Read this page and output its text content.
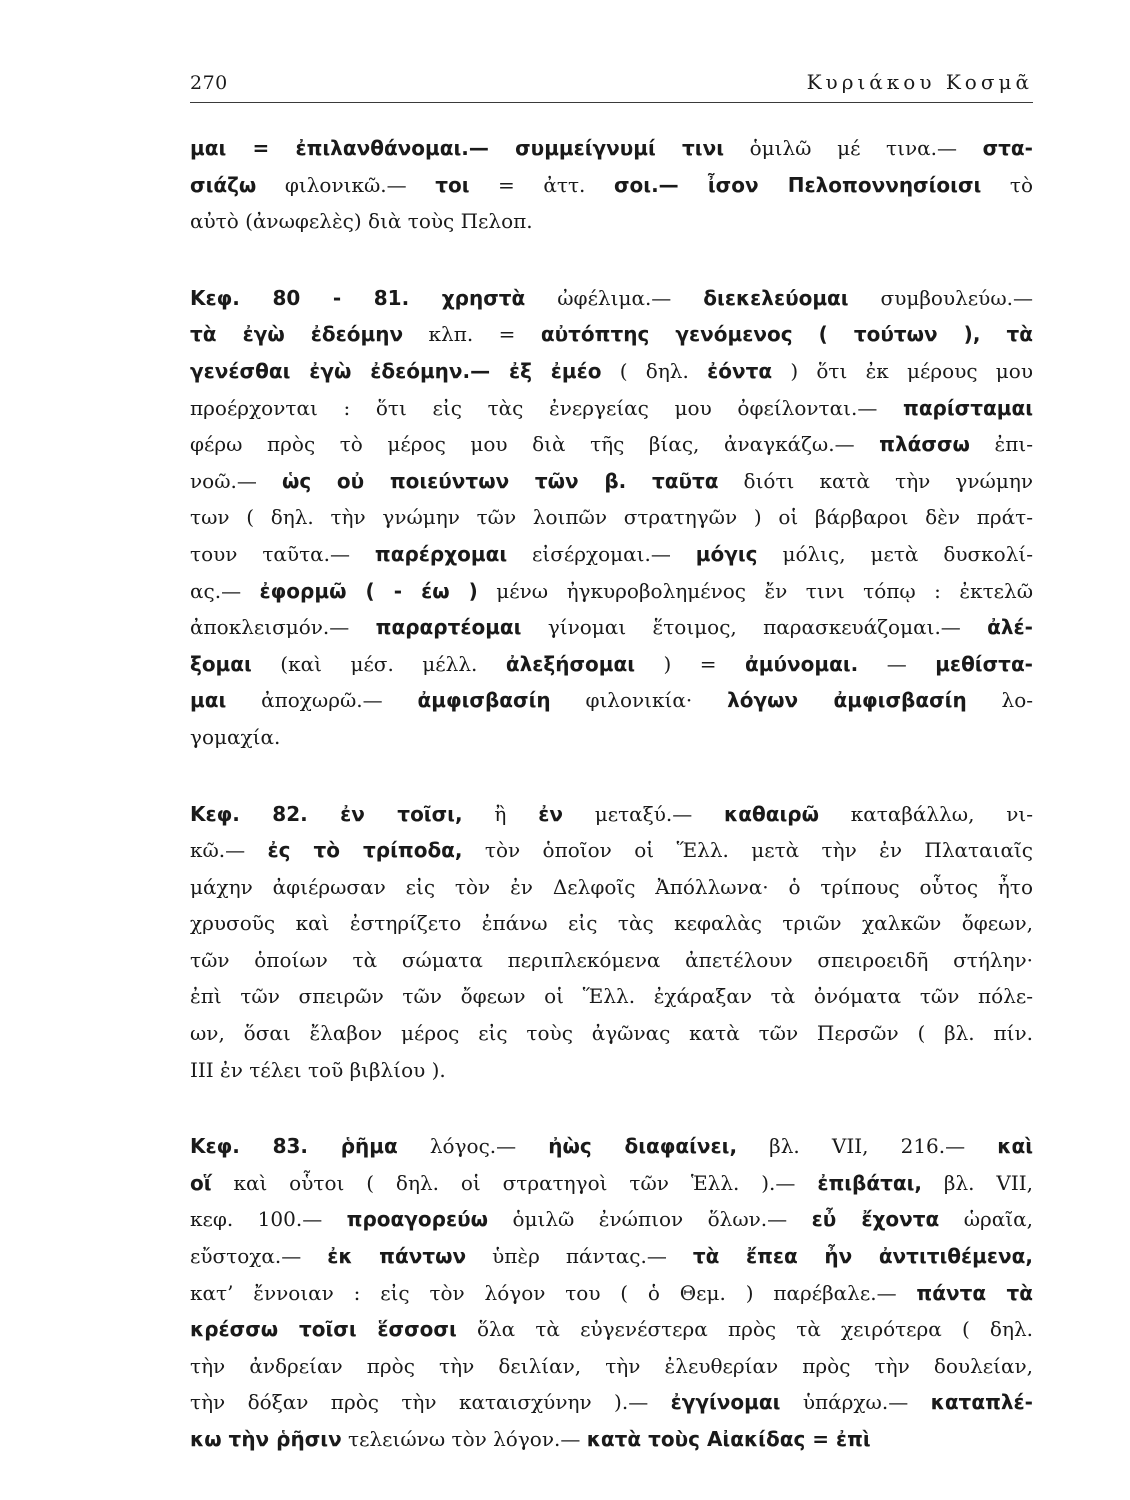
270	Κυριάκου Κοσμᾶ
μαι = ἐπιλανθάνομαι.— συμμείγνυμί τινι ὁμιλῶ μέ τινα.— στα-
σιάζω φιλονικῶ.— τοι = ἀττ. σοι.— ἶσον Πελοποννησίοισι τὸ
αὐτὸ (ἀνωφελὲς) διὰ τοὺς Πελοπ.
Κεφ. 80 - 81. χρηστὰ ὠφέλιμα.— διεκελεύομαι συμβουλεύω.—
τὰ ἐγὼ ἐδεόμην κλπ. = αὐτόπτης γενόμενος ( τούτων ), τὰ
γενέσθαι ἐγὼ ἐδεόμην.— ἐξ ἐμέο ( δηλ. ἐόντα ) ὅτι ἐκ μέρους μου
προέρχονται : ὅτι εἰς τὰς ἐνεργείας μου ὀφείλονται.— παρίσταμαι
φέρω πρὸς τὸ μέρος μου διὰ τῆς βίας, ἀναγκάζω.— πλάσσω ἐπι-
νοῶ.— ὡς οὐ ποιεύντων τῶν β. ταῦτα διότι κατὰ τὴν γνώμην
των ( δηλ. τὴν γνώμην τῶν λοιπῶν στρατηγῶν ) οἱ βάρβαροι δὲν πράτ-
τουν ταῦτα.— παρέρχομαι εἰσέρχομαι.— μόγις μόλις, μετὰ δυσκολί-
ας.— ἐφορμῶ ( - έω ) μένω ἠγκυροβολημένος ἔν τινι τόπῳ : ἐκτελῶ
ἀποκλεισμόν.— παραρτέομαι γίνομαι ἕτοιμος, παρασκευάζομαι.— ἀλέ-
ξομαι (καὶ μέσ. μέλλ. ἀλεξήσομαι ) = ἀμύνομαι. — μεθίστα-
μαι ἀποχωρῶ.— ἀμφισβασίη φιλονικία· λόγων ἀμφισβασίη λο-
γομαχία.
Κεφ. 82. ἐν τοῖσι, ἢ ἐν μεταξύ.— καθαιρῶ καταβάλλω, νι-
κῶ.— ἐς τὸ τρίποδα, τὸν ὁποῖον οἱ Ἕλλ. μετὰ τὴν ἐν Πλαταιαῖς
μάχην ἀφιέρωσαν εἰς τὸν ἐν Δελφοῖς Ἀπόλλωνα· ὁ τρίπους οὗτος ἦτο
χρυσοῦς καὶ ἐστηρίζετο ἐπάνω εἰς τὰς κεφαλὰς τριῶν χαλκῶν ὄφεων,
τῶν ὁποίων τὰ σώματα περιπλεκόμενα ἀπετέλουν σπειροειδῆ στήλην·
ἐπὶ τῶν σπειρῶν τῶν ὄφεων οἱ Ἕλλ. ἐχάραξαν τὰ ὀνόματα τῶν πόλε-
ων, ὅσαι ἔλαβον μέρος εἰς τοὺς ἀγῶνας κατὰ τῶν Περσῶν ( βλ. πίν.
III ἐν τέλει τοῦ βιβλίου ).
Κεφ. 83. ῥῆμα λόγος.— ἠὼς διαφαίνει, βλ. VII, 216.— καὶ
οἵ καὶ οὗτοι ( δηλ. οἱ στρατηγοὶ τῶν Ἑλλ. ).— ἐπιβάται, βλ. VII,
κεφ. 100.— προαγορεύω ὁμιλῶ ἐνώπιον ὅλων.— εὖ ἔχοντα ὡραῖα,
εὔστοχα.— ἐκ πάντων ὑπὲρ πάντας.— τὰ ἔπεα ἦν ἀντιτιθέμενα,
κατ’ ἔννοιαν : εἰς τὸν λόγον του ( ὁ Θεμ. ) παρέβαλε.— πάντα τὰ
κρέσσω τοῖσι ἕσσοσι ὅλα τὰ εὐγενέστερα πρὸς τὰ χειρότερα ( δηλ.
τὴν ἀνδρείαν πρὸς τὴν δειλίαν, τὴν ἐλευθερίαν πρὸς τὴν δουλείαν,
τὴν δόξαν πρὸς τὴν καταισχύνην ).— ἐγγίνομαι ὑπάρχω.— καταπλέ-
κω τὴν ῥῆσιν τελειώνω τὸν λόγον.— κατὰ τοὺς Αἰακίδας = ἐπὶ
